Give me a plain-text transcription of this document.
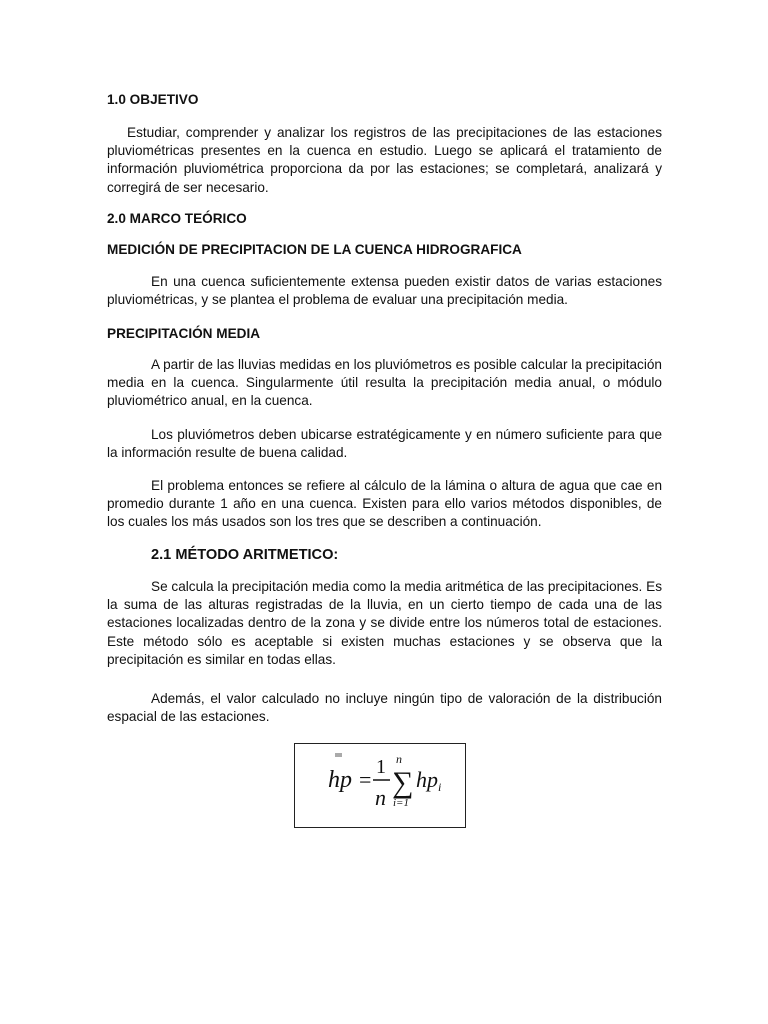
1.0 OBJETIVO

Estudiar, comprender y analizar los registros de las precipitaciones de las estaciones pluviométricas presentes en la cuenca en estudio. Luego se aplicará el tratamiento de información pluviométrica proporciona da por las estaciones; se completará, analizará y corregirá de ser necesario.

2.0 MARCO TEÓRICO
MEDICIÓN DE PRECIPITACION DE LA CUENCA HIDROGRAFICA

En una cuenca suficientemente extensa pueden existir datos de varias estaciones pluviométricas, y se plantea el problema de evaluar una precipitación media.

PRECIPITACIÓN MEDIA

A partir de las lluvias medidas en los pluviómetros es posible calcular la precipitación media en la cuenca. Singularmente útil resulta la precipitación media anual, o módulo pluviométrico anual, en la cuenca.

Los pluviómetros deben ubicarse estratégicamente y en número suficiente para que la información resulte de buena calidad.

El problema entonces se refiere al cálculo de la lámina o altura de agua que cae en promedio durante 1 año en una cuenca. Existen para ello varios métodos disponibles, de los cuales los más usados son los tres que se describen a continuación.

2.1 MÉTODO ARITMETICO:

Se calcula la precipitación media como la media aritmética de las precipitaciones. Es la suma de las alturas registradas de la lluvia, en un cierto tiempo de cada una de las estaciones localizadas dentro de la zona y se divide entre los números total de estaciones. Este método sólo es aceptable si existen muchas estaciones y se observa que la precipitación es similar en todas ellas.

Además, el valor calculado no incluye ningún tipo de valoración de la distribución espacial de las estaciones.

hp = 1
n
n
∑
i=1
hp i
